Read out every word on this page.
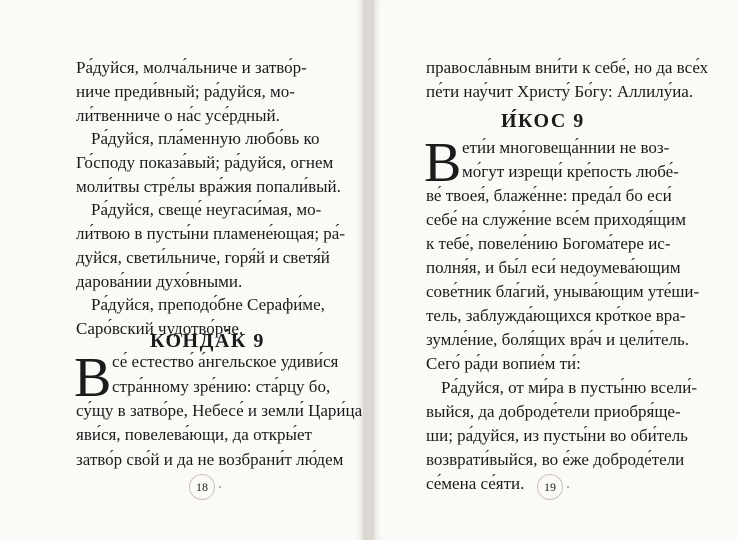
Ра́дуйся, молча́льниче и затво́р-
ниче преди́вный; ра́дуйся, мо-
ли́твенниче о на́с усе́рдный.
Ра́дуйся, пла́менную любо́вь ко
Го́споду показа́вый; ра́дуйся, огнем
моли́твы стре́лы вра́жия попали́вый.
Ра́дуйся, свеще́ неугаси́мая, мо-
ли́твою в пусты́ни пламене́ющая; ра́-
дуйся, свети́льниче, горя́й и светя́й
дарова́нии духо́вными.
Ра́дуйся, преподо́бне Серафи́ме,
Саро́вский чудотво́рче.
КОНДА́К 9
В се́ естество́ а́нгельское удиви́ся
стра́нному зре́нию: ста́рцу бо,
су́щу в затво́ре, Небесе́ и земли́ Цари́ца
яви́ся, повелева́ющи, да откры́ет
затво́р сво́й и да не возбрани́т лю́дем
правосла́вным вни́ти к себе́, но да все́х
пе́ти нау́чит Христу́ Бо́гу: Аллилу́иа.
И́КОС 9
В ети́и многовеща́ннии не воз-
мо́гут изрещи́ кре́пость любе́-
ве́ твоея́, блаже́нне: преда́л бо еси́
себе́ на служе́ние все́м приходя́щим
к тебе́, повеле́нию Богома́тере ис-
полня́я, и бы́л еси́ недоумева́ющим
сове́тник бла́гий, уныва́ющим уте́ши-
тель, заблужда́ющихся кро́ткое вра-
зумле́ние, боля́щих вра́ч и цели́тель.
Сего́ ра́ди вопие́м ти́:
Ра́дуйся, от ми́ра в пусты́ню всели́-
выйся, да доброде́тели приобря́ще-
ши; ра́дуйся, из пусты́ни во оби́тель
возврати́выйся, во е́же доброде́тели
се́мена се́яти.
18	19
